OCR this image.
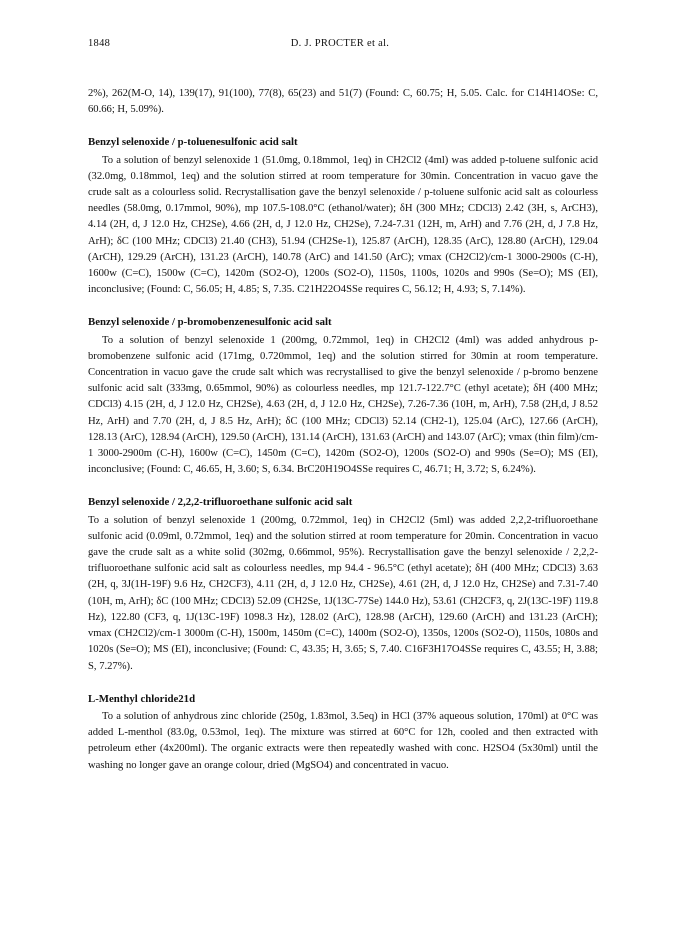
1848	D. J. PROCTER et al.

2%), 262(M-O, 14), 139(17), 91(100), 77(8), 65(23) and 51(7) (Found: C, 60.75; H, 5.05. Calc. for C14H14OSe: C, 60.66; H, 5.09%).

Benzyl selenoxide / p-toluenesulfonic acid salt

To a solution of benzyl selenoxide 1 (51.0mg, 0.18mmol, 1eq) in CH2Cl2 (4ml) was added p-toluene sulfonic acid (32.0mg, 0.18mmol, 1eq) and the solution stirred at room temperature for 30min. Concentration in vacuo gave the crude salt as a colourless solid. Recrystallisation gave the benzyl selenoxide / p-toluene sulfonic acid salt as colourless needles (58.0mg, 0.17mmol, 90%), mp 107.5-108.0°C (ethanol/water); δH (300 MHz; CDCl3) 2.42 (3H, s, ArCH3), 4.14 (2H, d, J 12.0 Hz, CH2Se), 4.66 (2H, d, J 12.0 Hz, CH2Se), 7.24-7.31 (12H, m, ArH) and 7.76 (2H, d, J 7.8 Hz, ArH); δC (100 MHz; CDCl3) 21.40 (CH3), 51.94 (CH2Se-1), 125.87 (ArCH), 128.35 (ArC), 128.80 (ArCH), 129.04 (ArCH), 129.29 (ArCH), 131.23 (ArCH), 140.78 (ArC) and 141.50 (ArC); vmax (CH2Cl2)/cm-1 3000-2900s (C-H), 1600w (C=C), 1500w (C=C), 1420m (SO2-O), 1200s (SO2-O), 1150s, 1100s, 1020s and 990s (Se=O); MS (EI), inconclusive; (Found: C, 56.05; H, 4.85; S, 7.35. C21H22O4SSe requires C, 56.12; H, 4.93; S, 7.14%).

Benzyl selenoxide / p-bromobenzenesulfonic acid salt

To a solution of benzyl selenoxide 1 (200mg, 0.72mmol, 1eq) in CH2Cl2 (4ml) was added anhydrous p-bromobenzene sulfonic acid (171mg, 0.720mmol, 1eq) and the solution stirred for 30min at room temperature. Concentration in vacuo gave the crude salt which was recrystallised to give the benzyl selenoxide / p-bromo benzene sulfonic acid salt (333mg, 0.65mmol, 90%) as colourless needles, mp 121.7-122.7°C (ethyl acetate); δH (400 MHz; CDCl3) 4.15 (2H, d, J 12.0 Hz, CH2Se), 4.63 (2H, d, J 12.0 Hz, CH2Se), 7.26-7.36 (10H, m, ArH), 7.58 (2H,d, J 8.52 Hz, ArH) and 7.70 (2H, d, J 8.5 Hz, ArH); δC (100 MHz; CDCl3) 52.14 (CH2-1), 125.04 (ArC), 127.66 (ArCH), 128.13 (ArC), 128.94 (ArCH), 129.50 (ArCH), 131.14 (ArCH), 131.63 (ArCH) and 143.07 (ArC); vmax (thin film)/cm-1 3000-2900m (C-H), 1600w (C=C), 1450m (C=C), 1420m (SO2-O), 1200s (SO2-O) and 990s (Se=O); MS (EI), inconclusive; (Found: C, 46.65, H, 3.60; S, 6.34. BrC20H19O4SSe requires C, 46.71; H, 3.72; S, 6.24%).

Benzyl selenoxide / 2,2,2-trifluoroethane sulfonic acid salt

To a solution of benzyl selenoxide 1 (200mg, 0.72mmol, 1eq) in CH2Cl2 (5ml) was added 2,2,2-trifluoroethane sulfonic acid (0.09ml, 0.72mmol, 1eq) and the solution stirred at room temperature for 20min. Concentration in vacuo gave the crude salt as a white solid (302mg, 0.66mmol, 95%). Recrystallisation gave the benzyl selenoxide / 2,2,2-trifluoroethane sulfonic acid salt as colourless needles, mp 94.4 - 96.5°C (ethyl acetate); δH (400 MHz; CDCl3) 3.63 (2H, q, 3J(1H-19F) 9.6 Hz, CH2CF3), 4.11 (2H, d, J 12.0 Hz, CH2Se), 4.61 (2H, d, J 12.0 Hz, CH2Se) and 7.31-7.40 (10H, m, ArH); δC (100 MHz; CDCl3) 52.09 (CH2Se, 1J(13C-77Se) 144.0 Hz), 53.61 (CH2CF3, q, 2J(13C-19F) 119.8 Hz), 122.80 (CF3, q, 1J(13C-19F) 1098.3 Hz), 128.02 (ArC), 128.98 (ArCH), 129.60 (ArCH) and 131.23 (ArCH); vmax (CH2Cl2)/cm-1 3000m (C-H), 1500m, 1450m (C=C), 1400m (SO2-O), 1350s, 1200s (SO2-O), 1150s, 1080s and 1020s (Se=O); MS (EI), inconclusive; (Found: C, 43.35; H, 3.65; S, 7.40. C16F3H17O4SSe requires C, 43.55; H, 3.88; S, 7.27%).

L-Menthyl chloride21d

To a solution of anhydrous zinc chloride (250g, 1.83mol, 3.5eq) in HCl (37% aqueous solution, 170ml) at 0°C was added L-menthol (83.0g, 0.53mol, 1eq). The mixture was stirred at 60°C for 12h, cooled and then extracted with petroleum ether (4x200ml). The organic extracts were then repeatedly washed with conc. H2SO4 (5x30ml) until the washing no longer gave an orange colour, dried (MgSO4) and concentrated in vacuo.
